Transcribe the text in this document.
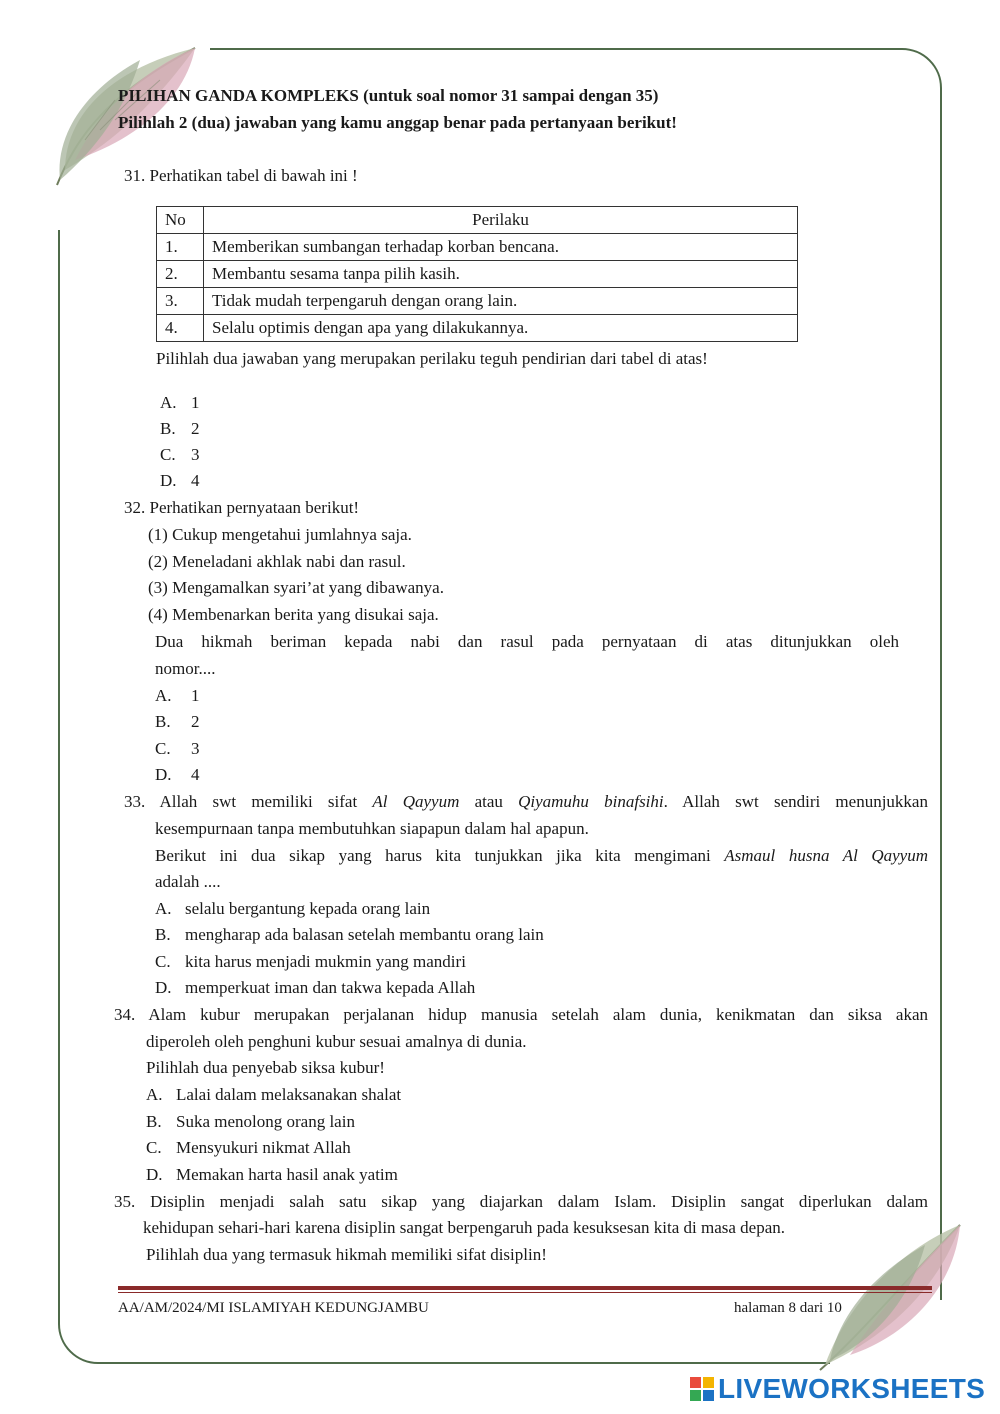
PILIHAN GANDA KOMPLEKS (untuk soal nomor 31 sampai dengan 35)
Pilihlah 2 (dua) jawaban yang kamu anggap benar pada pertanyaan berikut!
31. Perhatikan tabel di bawah ini !
No	Perilaku
1.	Memberikan sumbangan terhadap korban bencana.
2.	Membantu sesama tanpa pilih kasih.
3.	Tidak mudah terpengaruh dengan orang lain.
4.	Selalu optimis dengan apa yang dilakukannya.
Pilihlah dua jawaban yang merupakan perilaku teguh pendirian dari tabel di atas!
A. 1
B. 2
C. 3
D. 4
32. Perhatikan pernyataan berikut!
(1) Cukup mengetahui jumlahnya saja.
(2) Meneladani akhlak nabi dan rasul.
(3) Mengamalkan syari’at yang dibawanya.
(4) Membenarkan berita yang disukai saja.
Dua hikmah beriman kepada nabi dan rasul pada pernyataan di atas ditunjukkan oleh
nomor....
A. 1
B. 2
C. 3
D. 4
33. Allah swt memiliki sifat Al Qayyum atau Qiyamuhu binafsihi. Allah swt sendiri menunjukkan
kesempurnaan tanpa membutuhkan siapapun dalam hal apapun.
Berikut ini dua sikap yang harus kita tunjukkan jika kita mengimani Asmaul husna Al Qayyum
adalah ....
A. selalu bergantung kepada orang lain
B. mengharap ada balasan setelah membantu orang lain
C. kita harus menjadi mukmin yang mandiri
D. memperkuat iman dan takwa kepada Allah
34. Alam kubur merupakan perjalanan hidup manusia setelah alam dunia, kenikmatan dan siksa akan
diperoleh oleh penghuni kubur sesuai amalnya di dunia.
Pilihlah dua penyebab siksa kubur!
A. Lalai dalam melaksanakan shalat
B. Suka menolong orang lain
C. Mensyukuri nikmat Allah
D. Memakan harta hasil anak yatim
35. Disiplin menjadi salah satu sikap yang diajarkan dalam Islam. Disiplin sangat diperlukan dalam
kehidupan sehari-hari karena disiplin sangat berpengaruh pada kesuksesan kita di masa depan.
Pilihlah dua yang termasuk hikmah memiliki sifat disiplin!
AA/AM/2024/MI ISLAMIYAH KEDUNGJAMBU	halaman 8 dari 10
LIVEWORKSHEETS
